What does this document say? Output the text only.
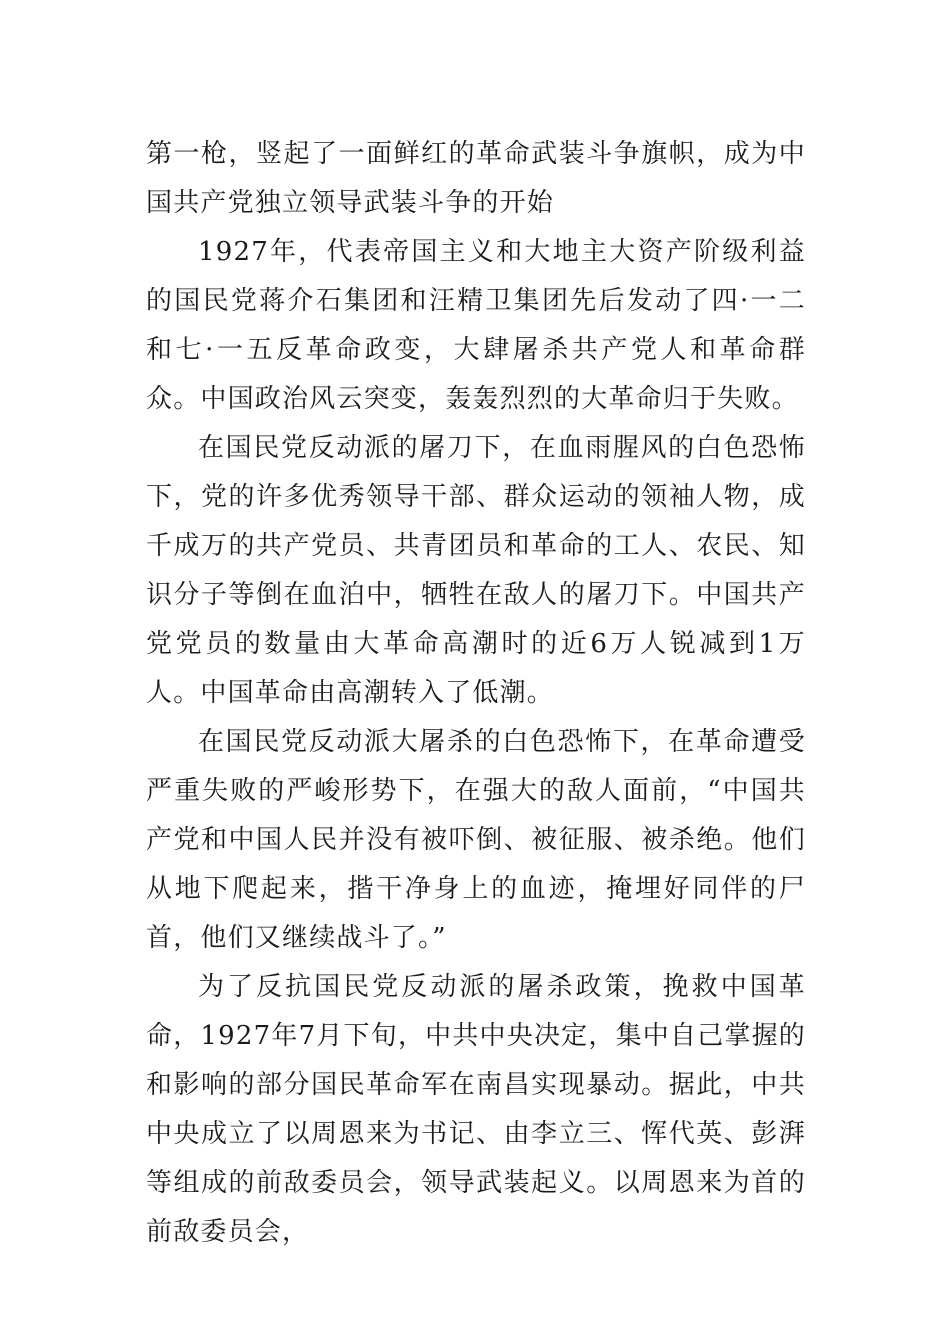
第一枪，竖起了一面鲜红的革命武装斗争旗帜，成为中国共产党独立领导武装斗争的开始

1927年，代表帝国主义和大地主大资产阶级利益的国民党蒋介石集团和汪精卫集团先后发动了四·一二和七·一五反革命政变，大肆屠杀共产党人和革命群众。中国政治风云突变，轰轰烈烈的大革命归于失败。

在国民党反动派的屠刀下，在血雨腥风的白色恐怖下，党的许多优秀领导干部、群众运动的领袖人物，成千成万的共产党员、共青团员和革命的工人、农民、知识分子等倒在血泊中，牺牲在敌人的屠刀下。中国共产党党员的数量由大革命高潮时的近6万人锐减到1万人。中国革命由高潮转入了低潮。

在国民党反动派大屠杀的白色恐怖下，在革命遭受严重失败的严峻形势下，在强大的敌人面前，“中国共产党和中国人民并没有被吓倒、被征服、被杀绝。他们从地下爬起来，揩干净身上的血迹，掩埋好同伴的尸首，他们又继续战斗了。”

为了反抗国民党反动派的屠杀政策，挽救中国革命，1927年7月下旬，中共中央决定，集中自己掌握的和影响的部分国民革命军在南昌实现暴动。据此，中共中央成立了以周恩来为书记、由李立三、恽代英、彭湃等组成的前敌委员会，领导武装起义。以周恩来为首的前敌委员会，
